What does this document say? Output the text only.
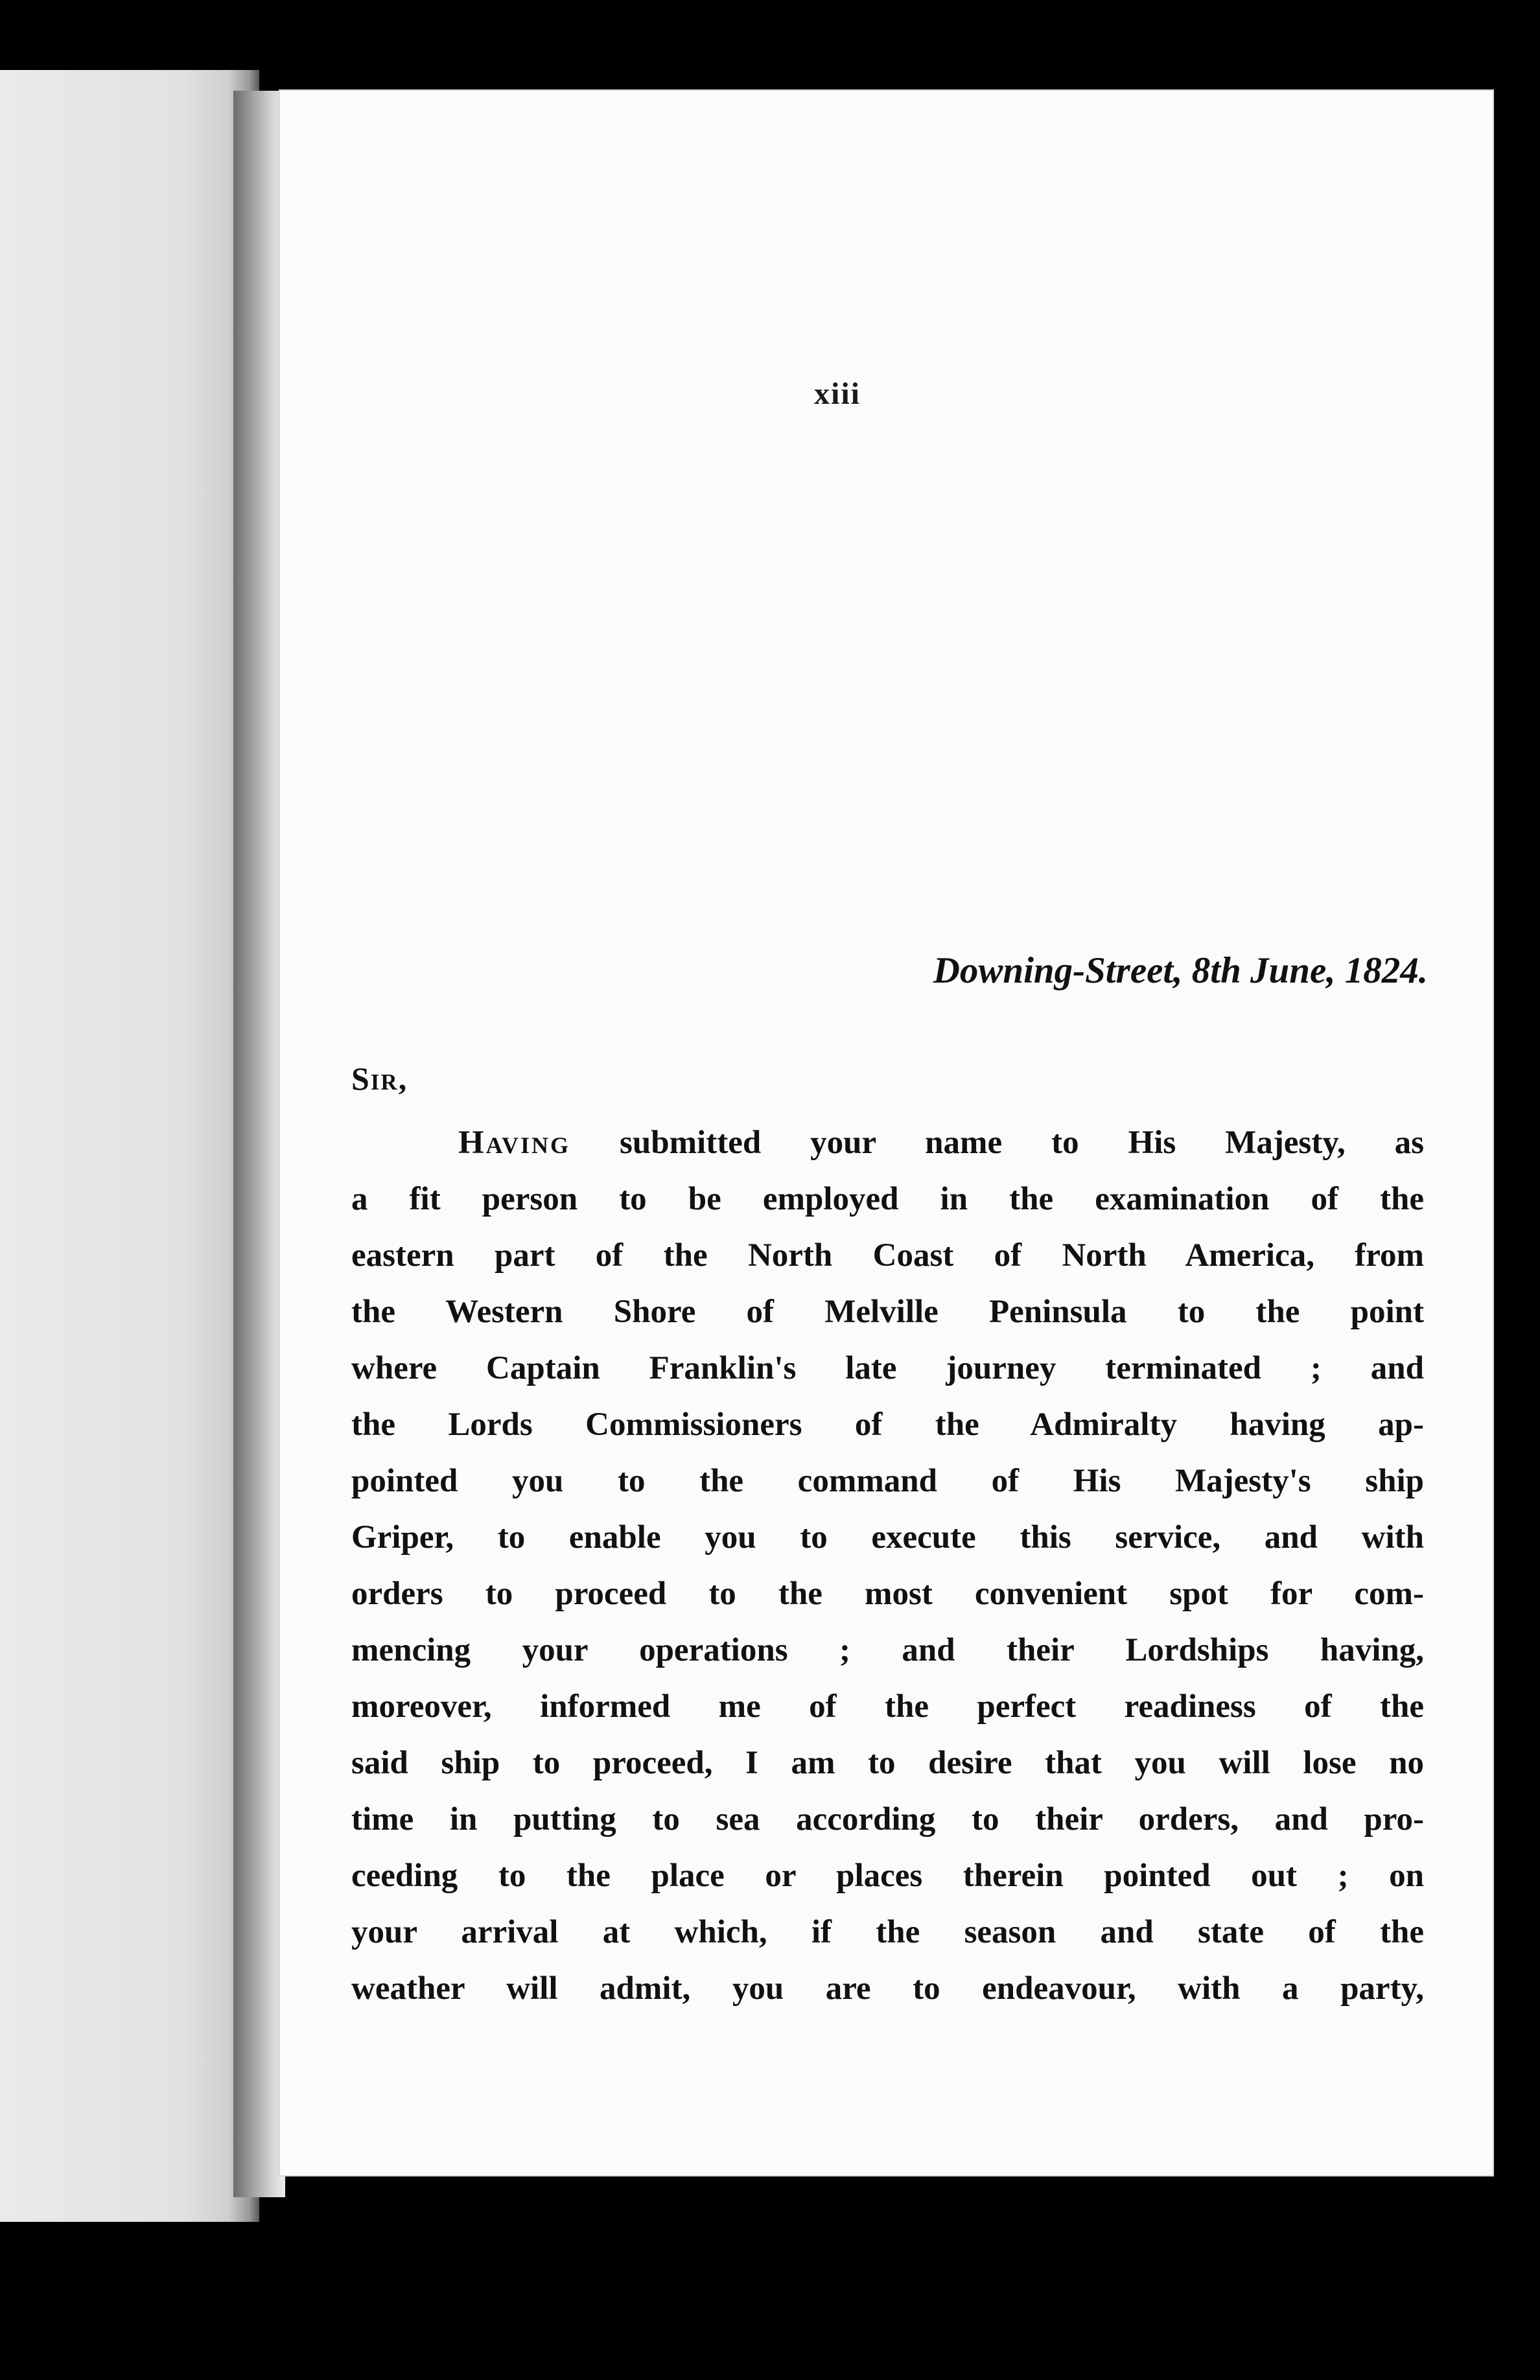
xiii
Downing-Street, 8th June, 1824.
Sir,
Having submitted your name to His Majesty, as
a fit person to be employed in the examination of the
eastern part of the North Coast of North America, from
the Western Shore of Melville Peninsula to the point
where Captain Franklin's late journey terminated ; and
the Lords Commissioners of the Admiralty having ap-
pointed you to the command of His Majesty's ship
Griper, to enable you to execute this service, and with
orders to proceed to the most convenient spot for com-
mencing your operations ; and their Lordships having,
moreover, informed me of the perfect readiness of the
said ship to proceed, I am to desire that you will lose no
time in putting to sea according to their orders, and pro-
ceeding to the place or places therein pointed out ; on
your arrival at which, if the season and state of the
weather will admit, you are to endeavour, with a party,
